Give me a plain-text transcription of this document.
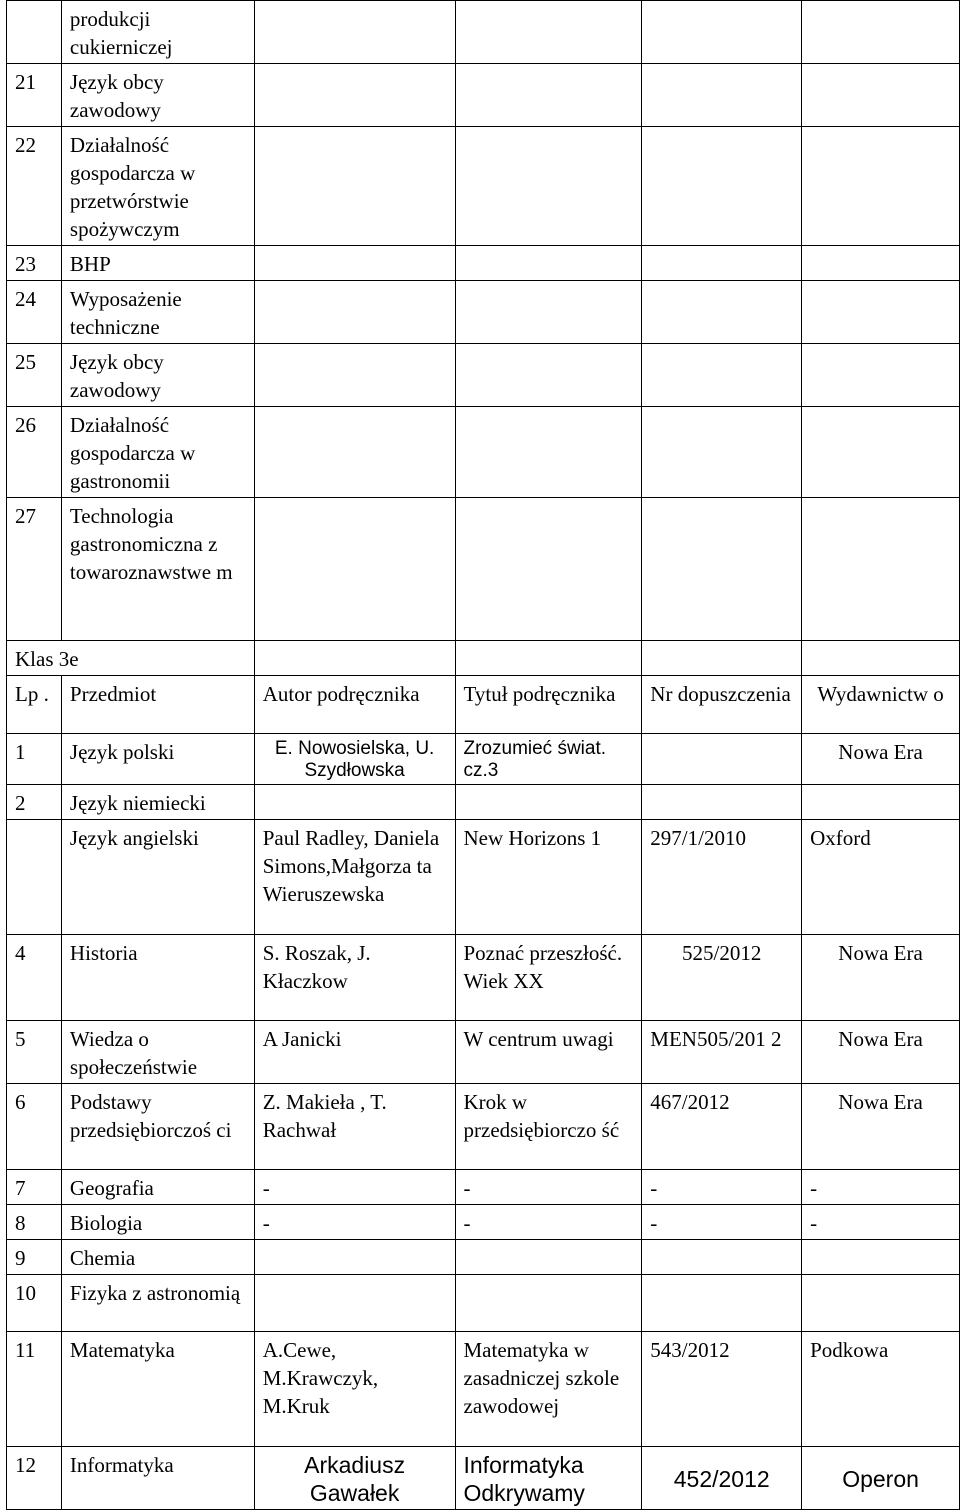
	produkcji cukierniczej				
21	Język obcy zawodowy				
22	Działalność gospodarcza w przetwórstwie spożywczym				
23	BHP				
24	Wyposażenie techniczne				
25	Język obcy zawodowy				
26	Działalność gospodarcza w gastronomii				
27	Technologia gastronomiczna z towaroznawstwe m				
Klas 3e					
Lp .	Przedmiot	Autor podręcznika	Tytuł podręcznika	Nr dopuszczenia	Wydawnictw o
1	Język polski	E. Nowosielska, U. Szydłowska	Zrozumieć świat. cz.3		Nowa Era
2	Język niemiecki				
	Język angielski	Paul Radley, Daniela Simons,Małgorza ta Wieruszewska	New Horizons 1	297/1/2010	Oxford
4	Historia	S. Roszak, J. Kłaczkow	Poznać przeszłość. Wiek XX	525/2012	Nowa Era
5	Wiedza o społeczeństwie	A Janicki	W centrum uwagi	MEN505/201 2	Nowa Era
6	Podstawy przedsiębiorczoś ci	Z. Makieła , T. Rachwał	Krok w przedsiębiorczo ść	467/2012	Nowa Era
7	Geografia	-	-	-	-
8	Biologia	-	-	-	-
9	Chemia				
10	Fizyka z astronomią				
11	Matematyka	A.Cewe, M.Krawczyk, M.Kruk	Matematyka w zasadniczej szkole zawodowej	543/2012	Podkowa
12	Informatyka	Arkadiusz Gawałek	Informatyka Odkrywamy	452/2012	Operon
